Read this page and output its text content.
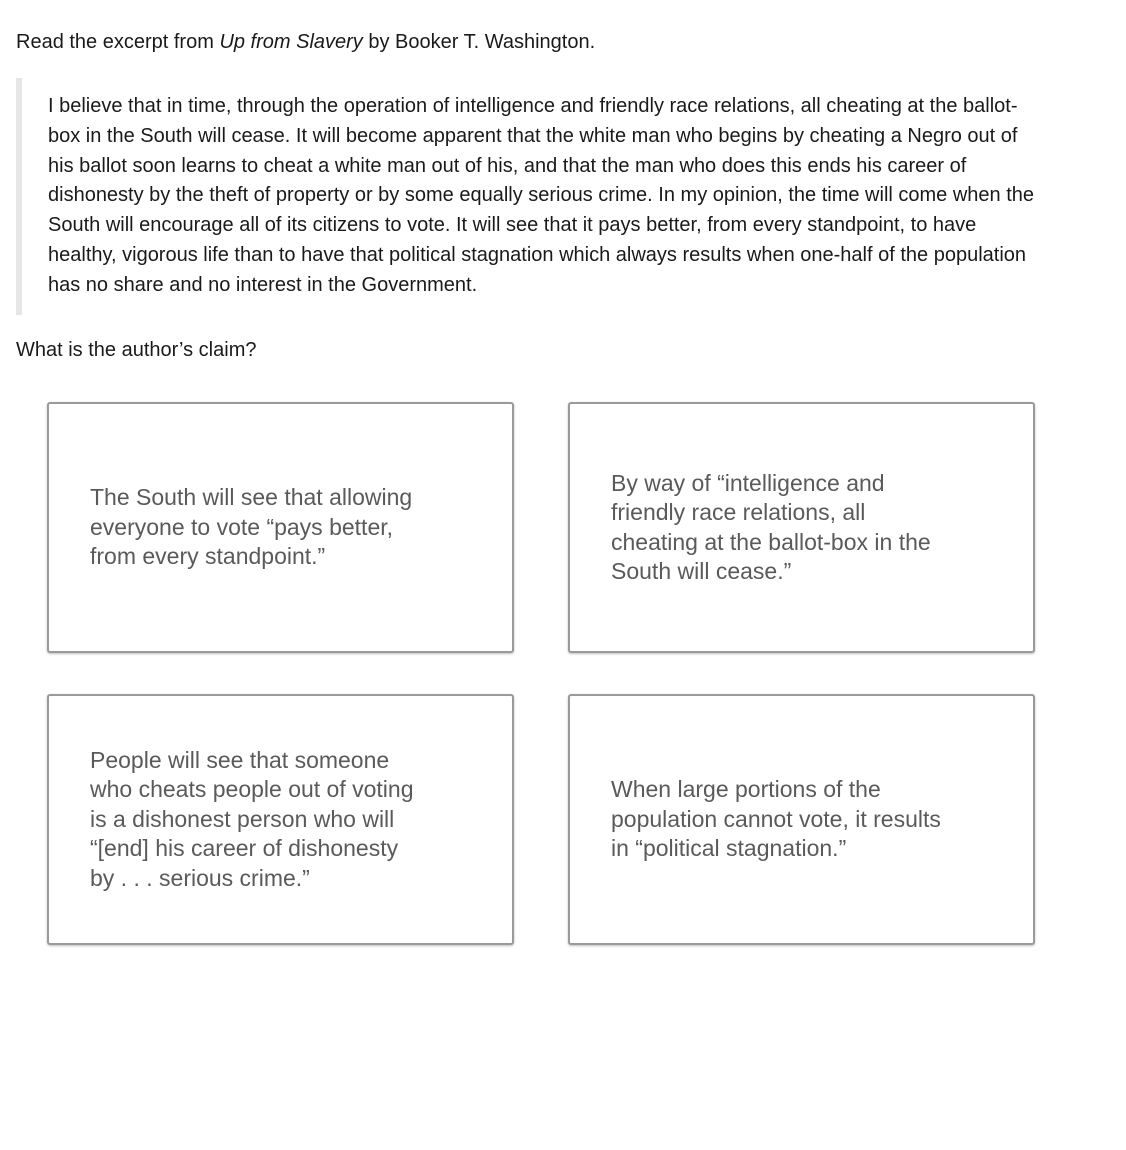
Read the excerpt from Up from Slavery by Booker T. Washington.

I believe that in time, through the operation of intelligence and friendly race relations, all cheating at the ballot-box in the South will cease. It will become apparent that the white man who begins by cheating a Negro out of his ballot soon learns to cheat a white man out of his, and that the man who does this ends his career of dishonesty by the theft of property or by some equally serious crime. In my opinion, the time will come when the South will encourage all of its citizens to vote. It will see that it pays better, from every standpoint, to have healthy, vigorous life than to have that political stagnation which always results when one-half of the population has no share and no interest in the Government.

What is the author’s claim?

The South will see that allowing everyone to vote “pays better, from every standpoint.”

By way of “intelligence and friendly race relations, all cheating at the ballot-box in the South will cease.”

People will see that someone who cheats people out of voting is a dishonest person who will “[end] his career of dishonesty by . . . serious crime.”

When large portions of the population cannot vote, it results in “political stagnation.”
